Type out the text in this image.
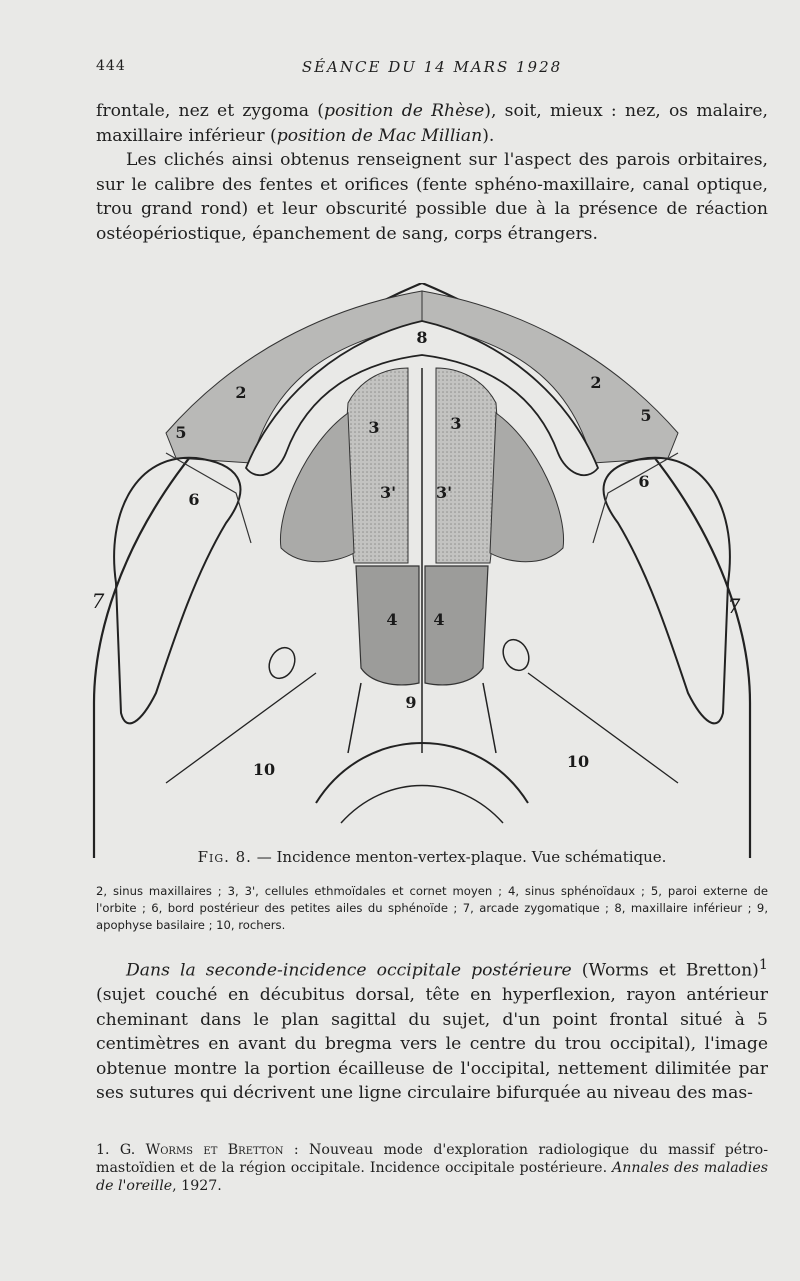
444	SÉANCE DU 14 MARS 1928

frontale, nez et zygoma (position de Rhèse), soit, mieux : nez, os malaire, maxillaire inférieur (position de Mac Millian).

Les clichés ainsi obtenus renseignent sur l'aspect des parois orbitaires, sur le calibre des fentes et orifices (fente sphéno-maxillaire, canal optique, trou grand rond) et leur obscurité possible due à la présence de réaction ostéopériostique, épanchement de sang, corps étrangers.

8
2
2
5
5
3	3
3' 3'
6
6
7	7
4 4
9
10	10
Fig. 8. — Incidence menton-vertex-plaque. Vue schématique.
2, sinus maxillaires ; 3, 3', cellules ethmoïdales et cornet moyen ; 4, sinus sphénoïdaux ; 5, paroi externe de l'orbite ; 6, bord postérieur des petites ailes du sphénoïde ; 7, arcade zygomatique ; 8, maxillaire inférieur ; 9, apophyse basilaire ; 10, rochers.

Dans la seconde-incidence occipitale postérieure (Worms et Bretton)$^1$ (sujet couché en décubitus dorsal, tête en hyperflexion, rayon antérieur cheminant dans le plan sagittal du sujet, d'un point frontal situé à 5 centimètres en avant du bregma vers le centre du trou occipital), l'image obtenue montre la portion écailleuse de l'occipital, nettement dilimitée par ses sutures qui décrivent une ligne circulaire bifurquée au niveau des mas-

1. G. Worms et Bretton : Nouveau mode d'exploration radiologique du massif pétro-mastoïdien et de la région occipitale. Incidence occipitale postérieure. Annales des maladies de l'oreille, 1927.
